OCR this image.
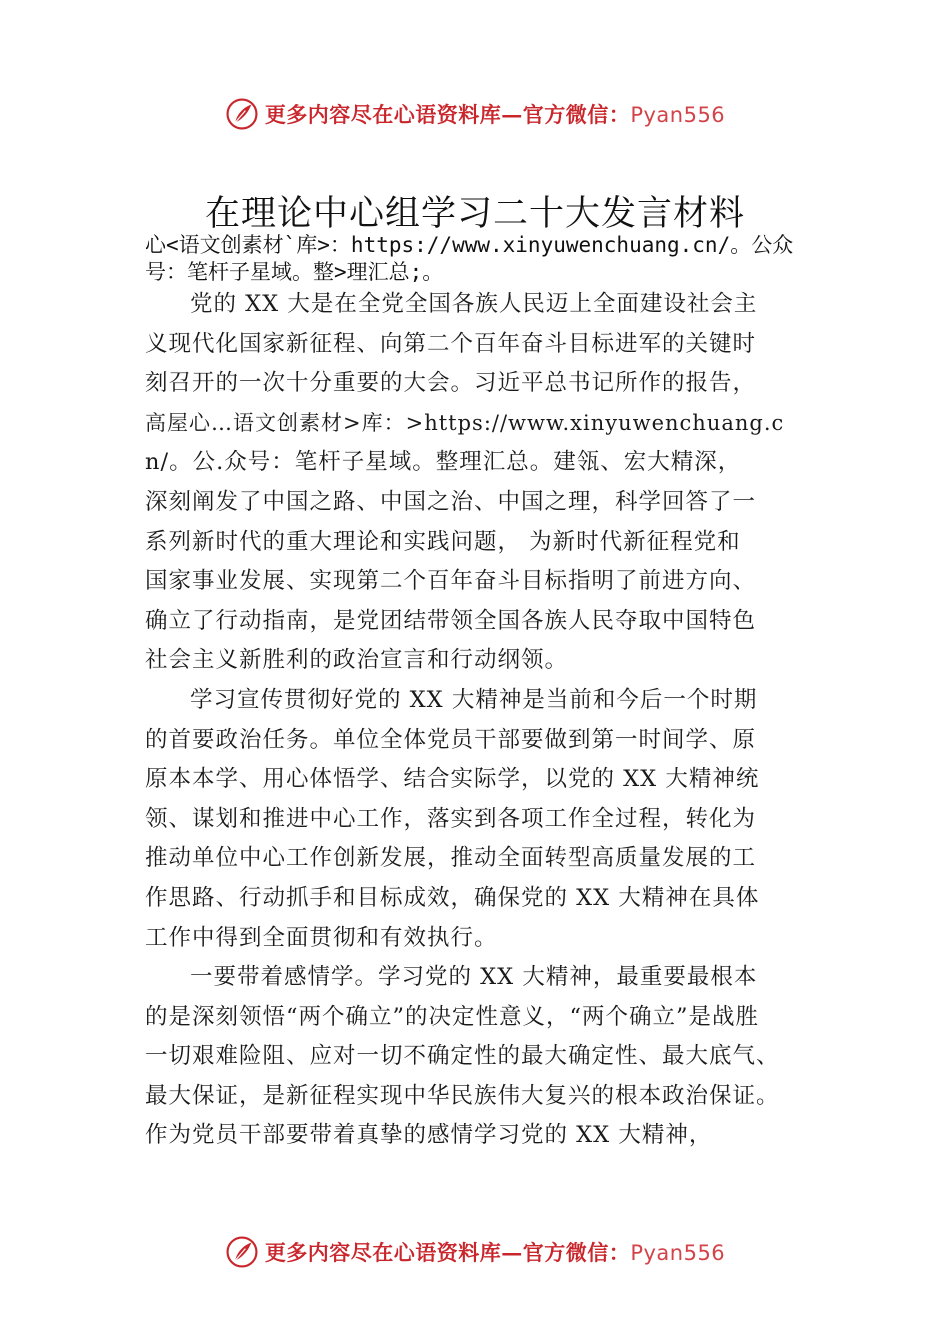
更多内容尽在心语资料库—官方微信：Pyan556
在理论中心组学习二十大发言材料
心<语文创素材`库>：https://www.xinyuwenchuang.cn/。公众
号：笔杆子星域。整>理汇总;。
党的 XX 大是在全党全国各族人民迈上全面建设社会主
义现代化国家新征程、向第二个百年奋斗目标进军的关键时
刻召开的一次十分重要的大会。习近平总书记所作的报告，
高屋心…语文创素材>库：>https://www.xinyuwenchuang.c
n/。公.众号：笔杆子星域。整理汇总。建瓴、宏大精深，
深刻阐发了中国之路、中国之治、中国之理，科学回答了一
系列新时代的重大理论和实践问题， 为新时代新征程党和
国家事业发展、实现第二个百年奋斗目标指明了前进方向、
确立了行动指南，是党团结带领全国各族人民夺取中国特色
社会主义新胜利的政治宣言和行动纲领。
学习宣传贯彻好党的 XX 大精神是当前和今后一个时期
的首要政治任务。单位全体党员干部要做到第一时间学、原
原本本学、用心体悟学、结合实际学，以党的 XX 大精神统
领、谋划和推进中心工作，落实到各项工作全过程，转化为
推动单位中心工作创新发展，推动全面转型高质量发展的工
作思路、行动抓手和目标成效，确保党的 XX 大精神在具体
工作中得到全面贯彻和有效执行。
一要带着感情学。学习党的 XX 大精神，最重要最根本
的是深刻领悟“两个确立”的决定性意义，“两个确立”是战胜
一切艰难险阻、应对一切不确定性的最大确定性、最大底气、
最大保证，是新征程实现中华民族伟大复兴的根本政治保证。
作为党员干部要带着真挚的感情学习党的 XX 大精神，
更多内容尽在心语资料库—官方微信：Pyan556
